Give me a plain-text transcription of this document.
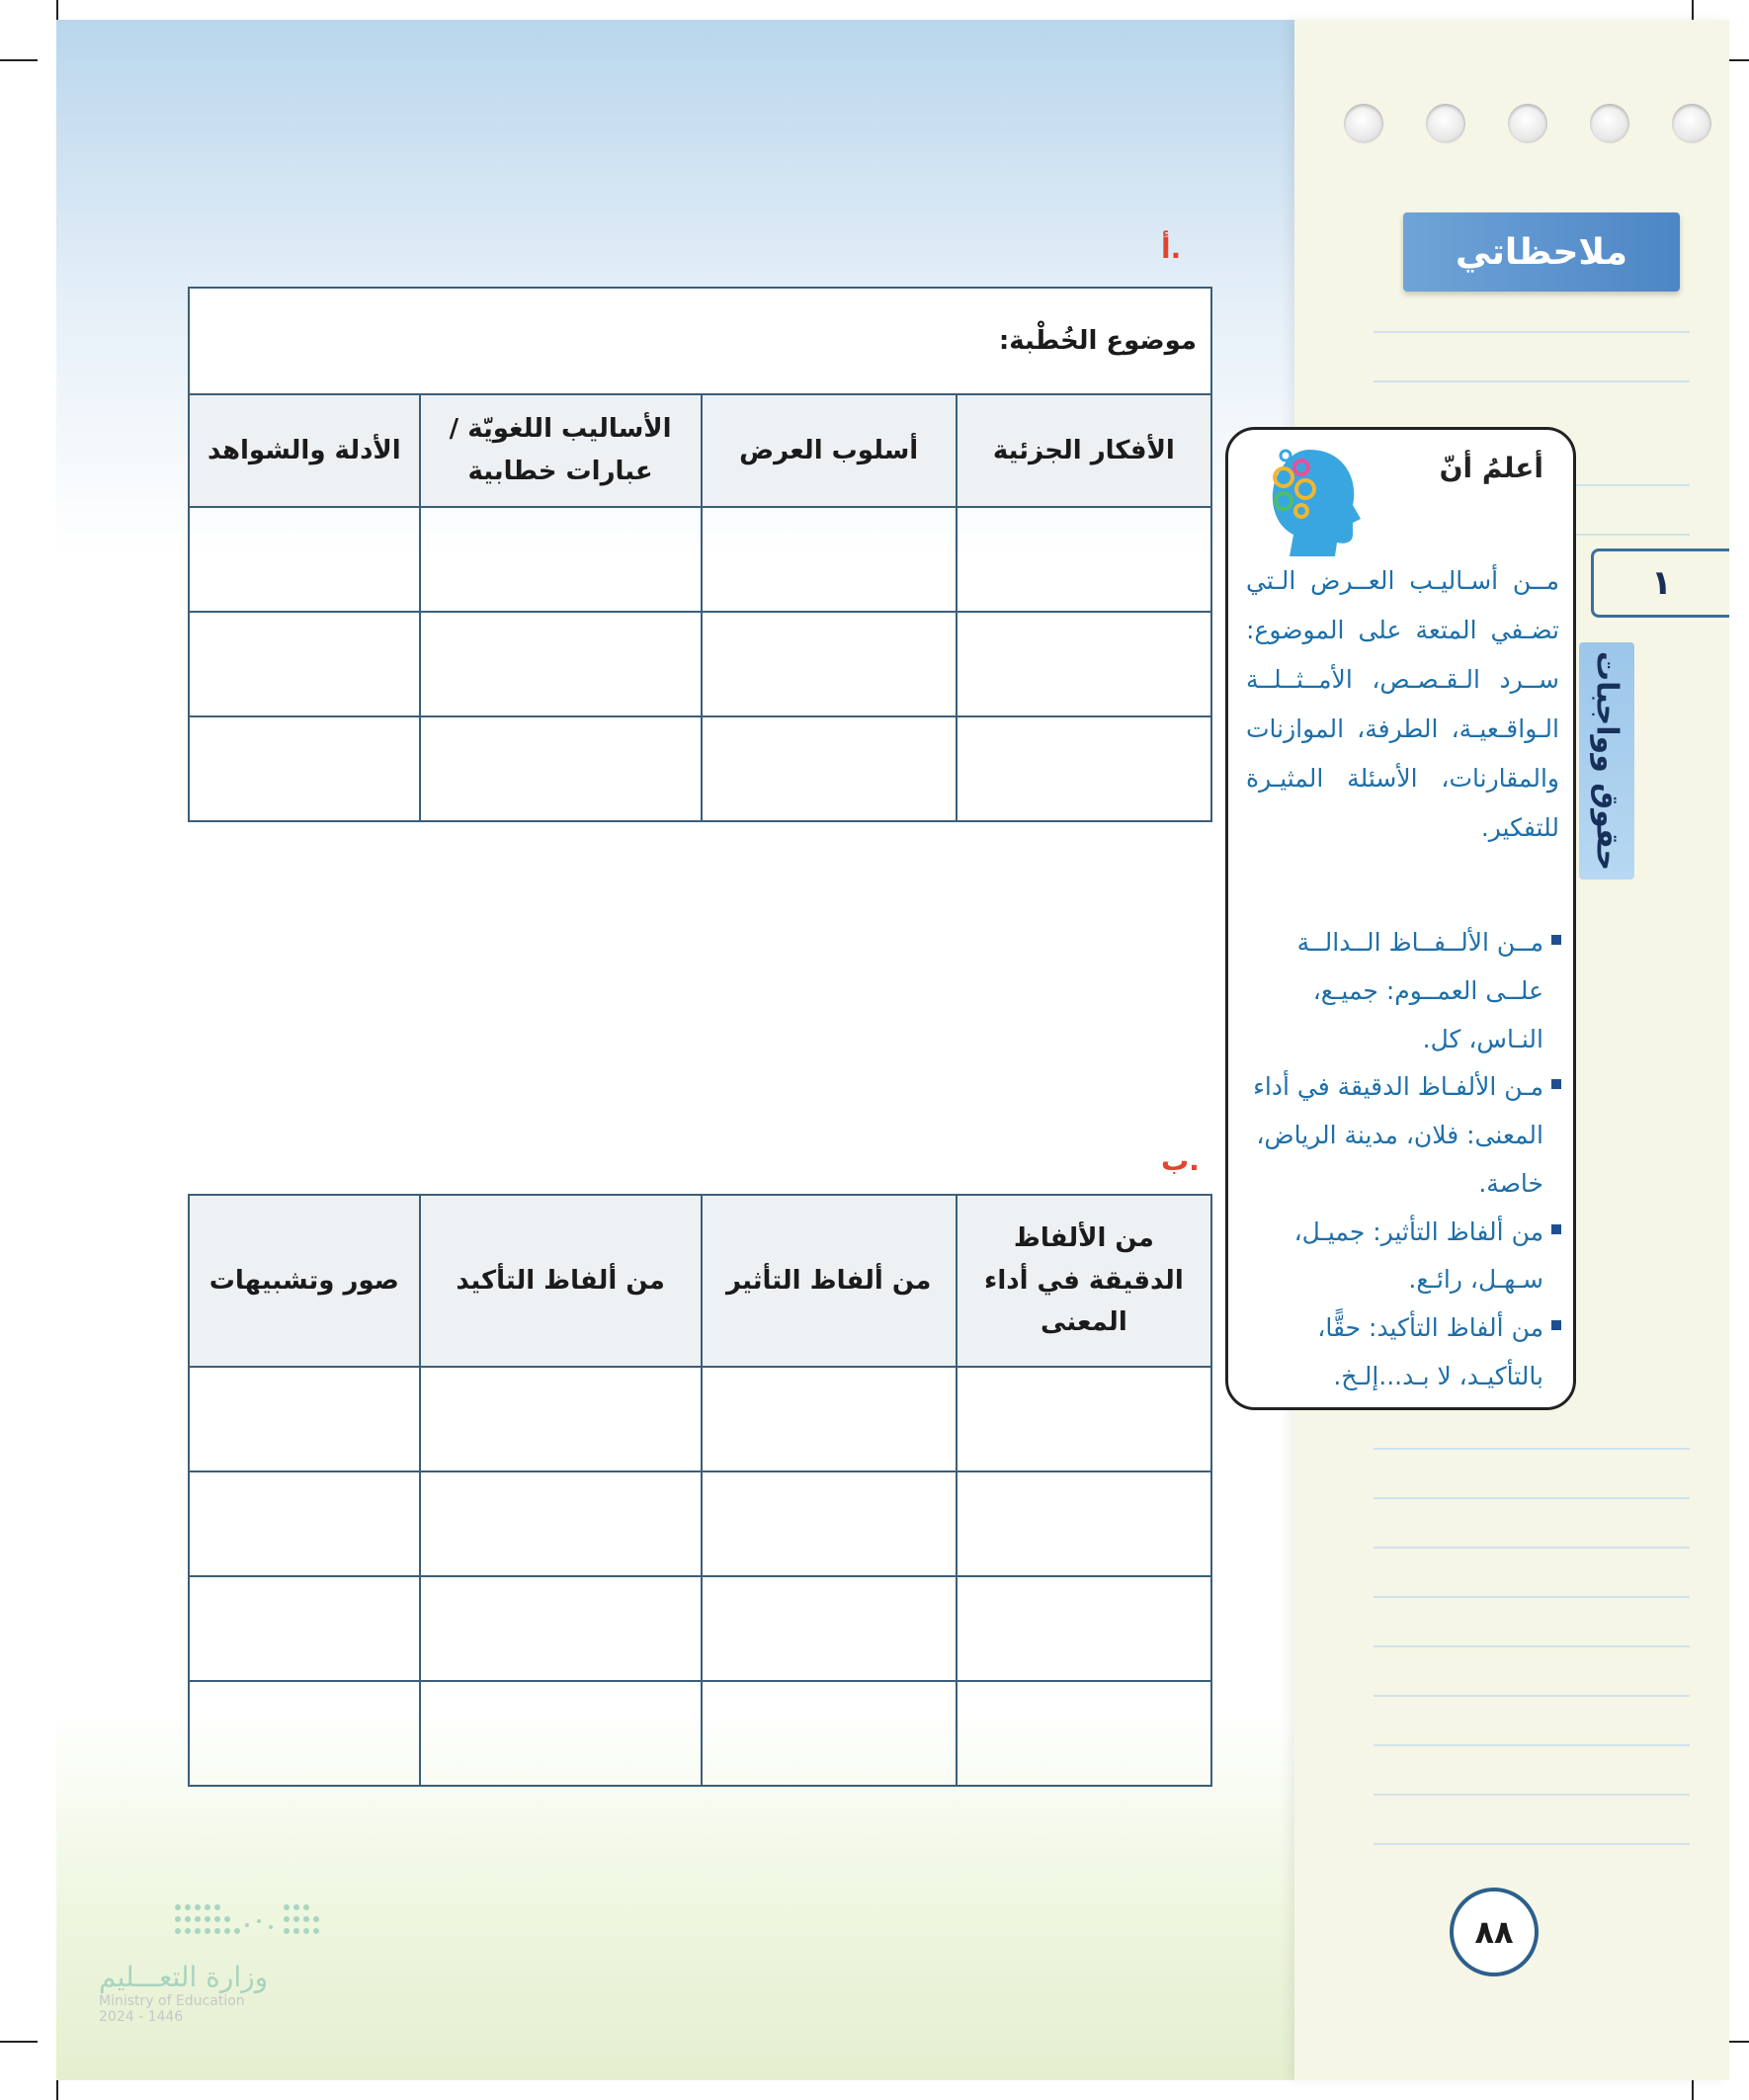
ملاحظاتي
أ.
موضوع الخُطْبة:			
الأفكار الجزئية	أسلوب العرض	الأساليب اللغويّة / عبارات خطابية	الأدلة والشواهد

ب.
من الألفاظ الدقيقة في أداء المعنى	من ألفاظ التأثير	من ألفاظ التأكيد	صور وتشبيهات

أعلمُ أنّ
مــن أسـاليـب العــرض الـتي تضـفي المتعة على الموضوع: ســرد الـقـصـص، الأمــثــلــة الـواقـعيـة، الطرفة، الموازنات والمقارنات، الأسئلة المثيـرة للتفكير.
مــن الألــفــاظ الــدالــة علــى العمــوم: جميـع، النـاس، كل.
مـن الألفـاظ الدقيقة في أداء المعنى: فلان، مدينة الرياض، خاصة.
من ألفاظ التأثير: جميـل، سـهـل، رائـع.
من ألفاظ التأكيد: حقًّا، بالتأكيـد، لا بـد...إلـخ.
١
حقوق وواجبات
٨٨
وزارة التعـــليم
Ministry of Education
2024 - 1446
